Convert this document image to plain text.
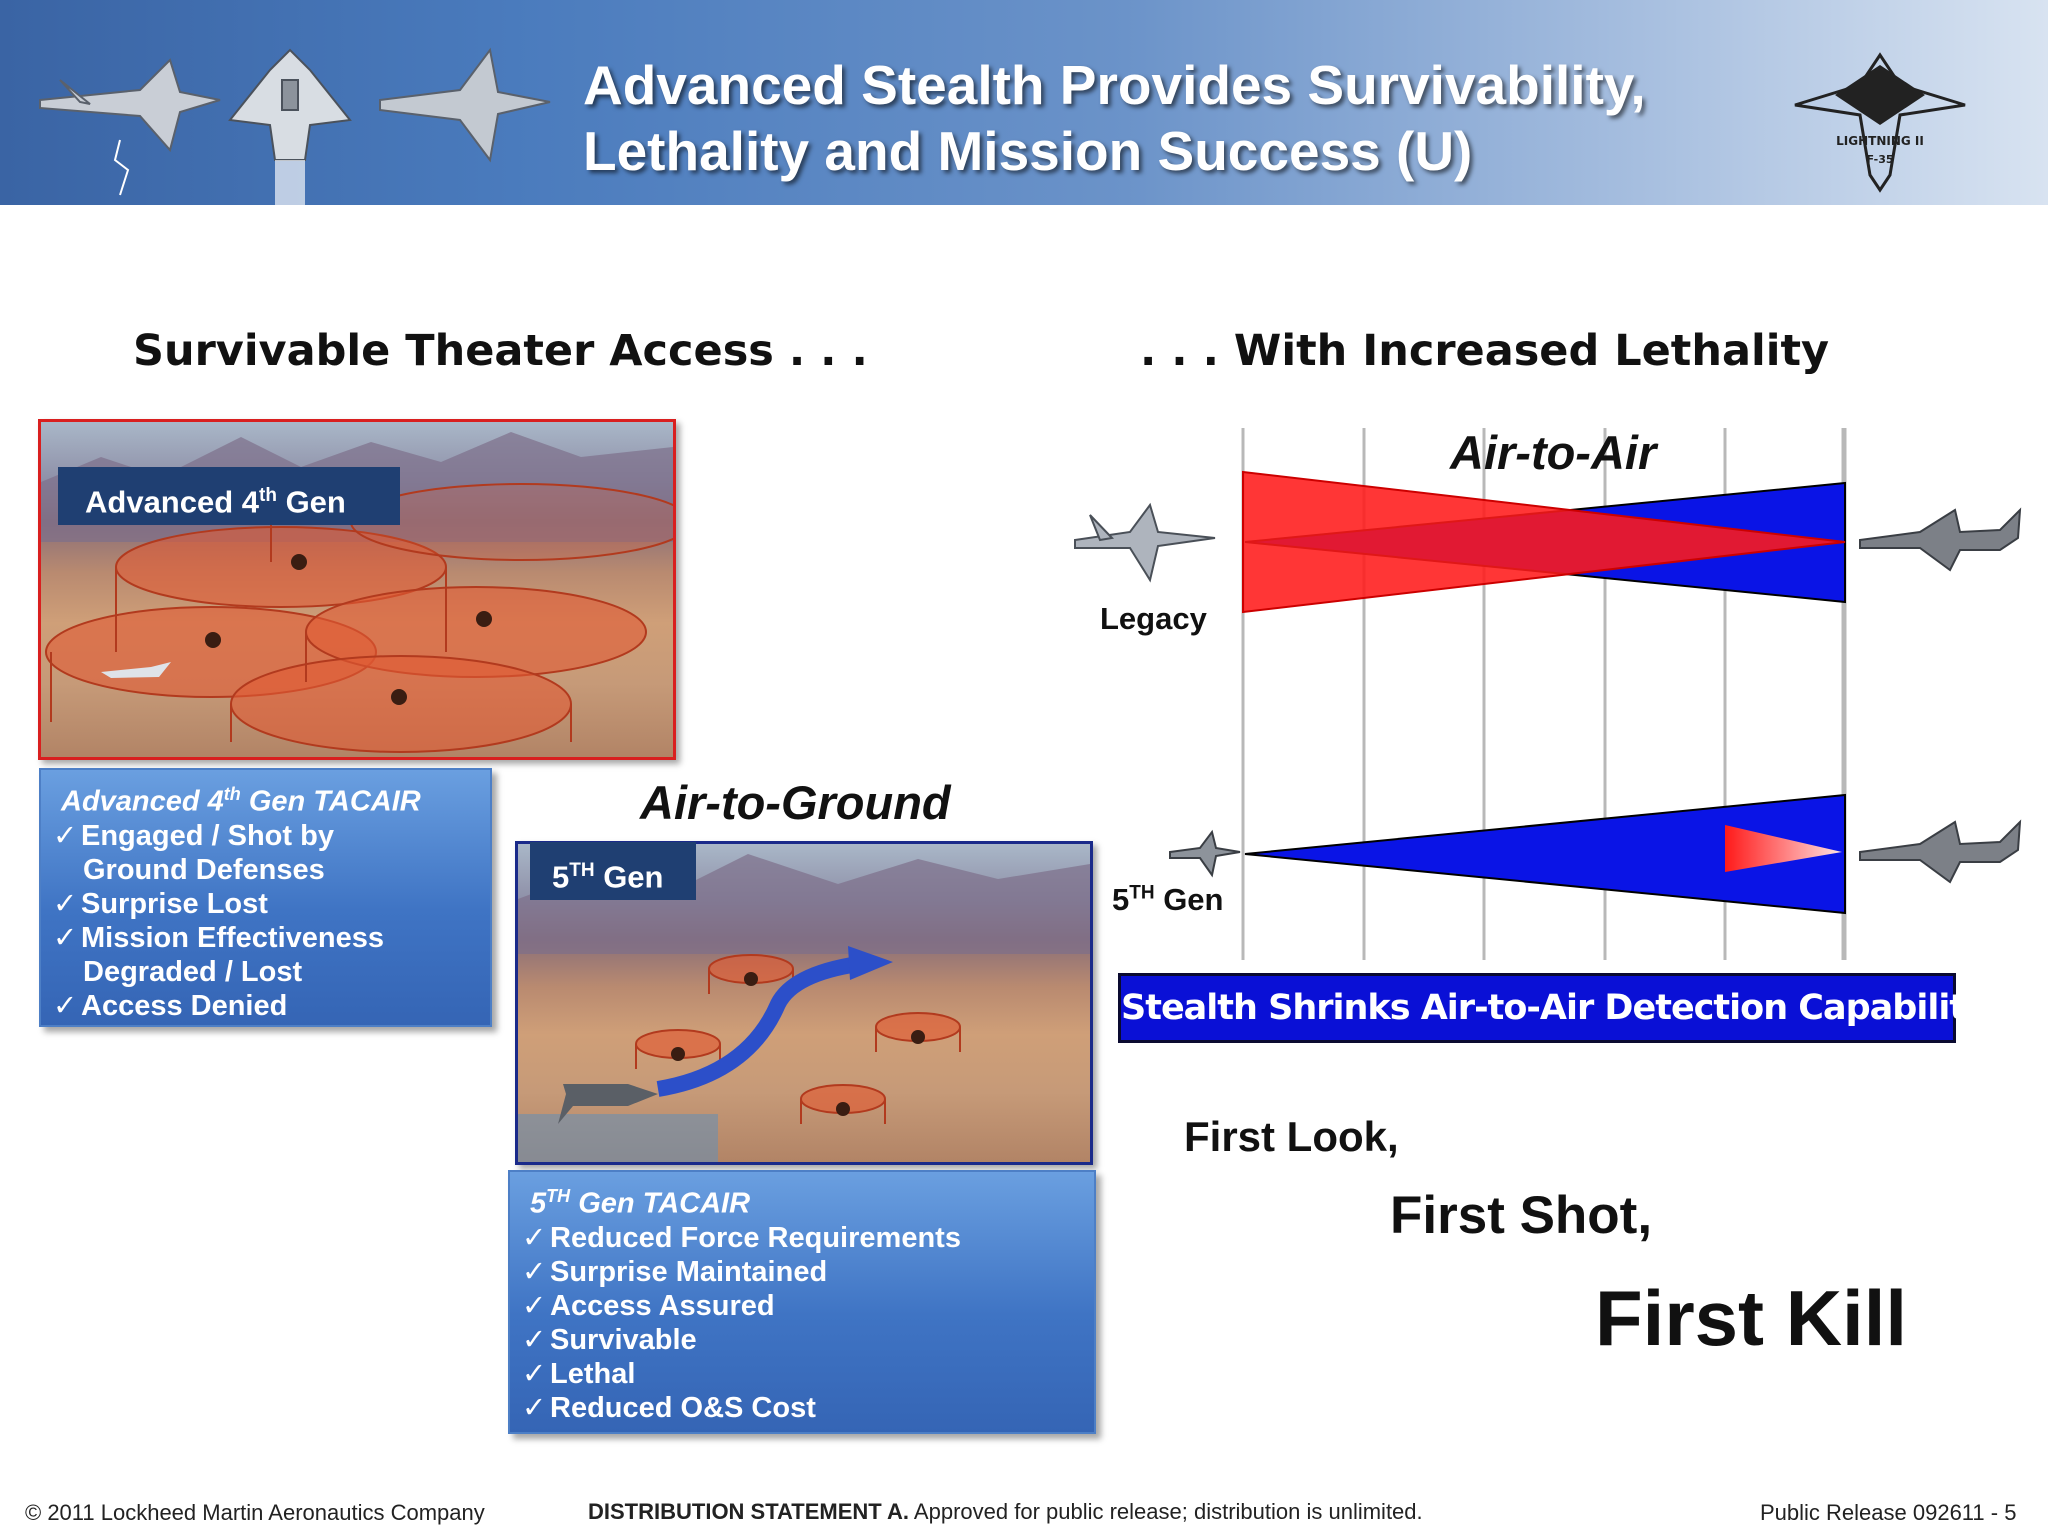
Advanced Stealth Provides Survivability,
Lethality and Mission Success (U)	LIGHTNING II
F-35
Survivable Theater Access . . .	. . . With Increased Lethality
Advanced 4th Gen
Advanced 4th Gen TACAIR
✓ Engaged / Shot by
Ground Defenses
✓ Surprise Lost
✓ Mission Effectiveness
Degraded / Lost
✓ Access Denied
Air-to-Ground
5TH Gen
5TH Gen TACAIR
✓ Reduced Force Requirements
✓ Surprise Maintained
✓ Access Assured
✓ Survivable
✓ Lethal
✓ Reduced O&S Cost
Air-to-Air
Legacy
5TH Gen
Stealth Shrinks Air-to-Air Detection Capability
First Look,
First Shot,
First Kill
© 2011 Lockheed Martin Aeronautics Company	DISTRIBUTION STATEMENT A. Approved for public release; distribution is unlimited.	Public Release 092611 - 5
